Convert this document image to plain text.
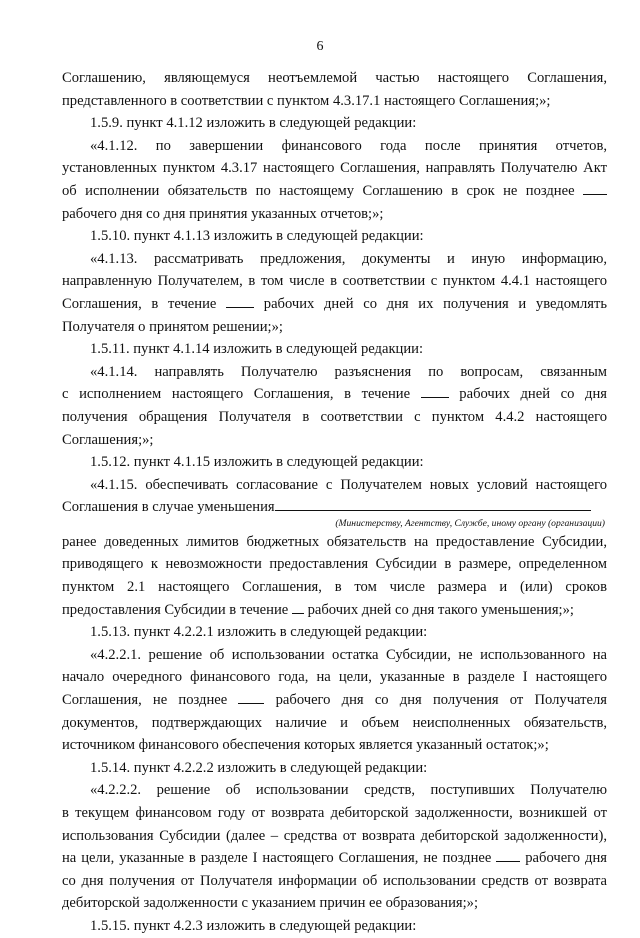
6

Соглашению, являющемуся неотъемлемой частью настоящего Соглашения,

представленного в соответствии с пунктом 4.3.17.1 настоящего Соглашения;»;

1.5.9. пункт 4.1.12 изложить в следующей редакции:

«4.1.12. по завершении финансового года после принятия отчетов,

установленных пунктом 4.3.17 настоящего Соглашения, направлять Получателю Акт

об исполнении обязательств по настоящему Соглашению в срок не позднее

рабочего дня со дня принятия указанных отчетов;»;

1.5.10. пункт 4.1.13 изложить в следующей редакции:

«4.1.13. рассматривать предложения, документы и иную информацию,

направленную Получателем, в том числе в соответствии с пунктом 4.4.1 настоящего

Соглашения, в течение	рабочих дней со дня их получения и уведомлять

Получателя о принятом решении;»;

1.5.11. пункт 4.1.14 изложить в следующей редакции:

«4.1.14. направлять Получателю разъяснения по вопросам, связанным

с исполнением настоящего Соглашения, в течение	рабочих дней со дня

получения обращения Получателя в соответствии с пунктом 4.4.2 настоящего

Соглашения;»;

1.5.12. пункт 4.1.15 изложить в следующей редакции:

«4.1.15. обеспечивать согласование с Получателем новых условий настоящего

Соглашения в случае уменьшения

(Министерству, Агентству, Службе, иному органу (организации)

ранее доведенных лимитов бюджетных обязательств на предоставление Субсидии,

приводящего к невозможности предоставления Субсидии в размере, определенном

пунктом 2.1 настоящего Соглашения, в том числе размера и (или) сроков

предоставления Субсидии в течение рабочих дней со дня такого уменьшения;»;

1.5.13. пункт 4.2.2.1 изложить в следующей редакции:

«4.2.2.1. решение об использовании остатка Субсидии, не использованного на

начало очередного финансового года, на цели, указанные в разделе I настоящего

Соглашения, не позднее	рабочего дня со дня получения от Получателя

документов, подтверждающих наличие и объем неисполненных обязательств,

источником финансового обеспечения которых является указанный остаток;»;

1.5.14. пункт 4.2.2.2 изложить в следующей редакции:

«4.2.2.2. решение об использовании средств, поступивших Получателю

в текущем финансовом году от возврата дебиторской задолженности, возникшей от

использования Субсидии (далее – средства от возврата дебиторской задолженности),

на цели, указанные в разделе I настоящего Соглашения, не позднее рабочего дня

со дня получения от Получателя информации об использовании средств от возврата

дебиторской задолженности с указанием причин ее образования;»;

1.5.15. пункт 4.2.3 изложить в следующей редакции:
